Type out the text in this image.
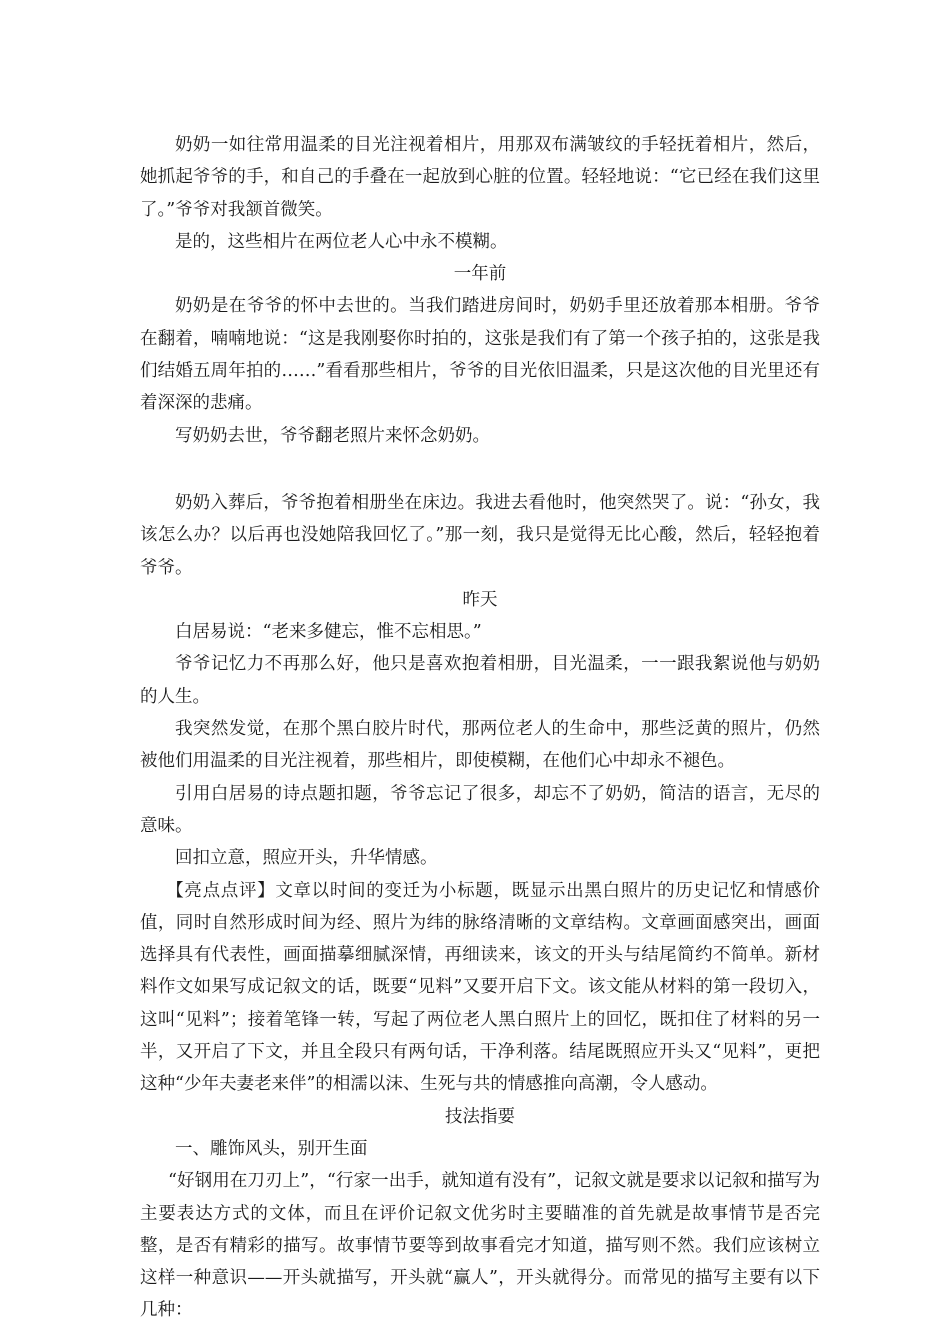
奶奶一如往常用温柔的目光注视着相片，用那双布满皱纹的手轻抚着相片，然后，她抓起爷爷的手，和自己的手叠在一起放到心脏的位置。轻轻地说：“它已经在我们这里了。”爷爷对我颔首微笑。

是的，这些相片在两位老人心中永不模糊。

一年前

奶奶是在爷爷的怀中去世的。当我们踏进房间时，奶奶手里还放着那本相册。爷爷在翻着，喃喃地说：“这是我刚娶你时拍的，这张是我们有了第一个孩子拍的，这张是我们结婚五周年拍的……”看看那些相片，爷爷的目光依旧温柔，只是这次他的目光里还有着深深的悲痛。

写奶奶去世，爷爷翻老照片来怀念奶奶。

奶奶入葬后，爷爷抱着相册坐在床边。我进去看他时，他突然哭了。说：“孙女，我该怎么办？以后再也没她陪我回忆了。”那一刻，我只是觉得无比心酸，然后，轻轻抱着爷爷。

昨天

白居易说：“老来多健忘，惟不忘相思。”

爷爷记忆力不再那么好，他只是喜欢抱着相册，目光温柔，一一跟我絮说他与奶奶的人生。

我突然发觉，在那个黑白胶片时代，那两位老人的生命中，那些泛黄的照片，仍然被他们用温柔的目光注视着，那些相片，即使模糊，在他们心中却永不褪色。

引用白居易的诗点题扣题，爷爷忘记了很多，却忘不了奶奶，简洁的语言，无尽的意味。

回扣立意，照应开头，升华情感。

【亮点点评】文章以时间的变迁为小标题，既显示出黑白照片的历史记忆和情感价值，同时自然形成时间为经、照片为纬的脉络清晰的文章结构。文章画面感突出，画面选择具有代表性，画面描摹细腻深情，再细读来，该文的开头与结尾简约不简单。新材料作文如果写成记叙文的话，既要“见料”又要开启下文。该文能从材料的第一段切入，这叫“见料”；接着笔锋一转，写起了两位老人黑白照片上的回忆，既扣住了材料的另一半，又开启了下文，并且全段只有两句话，干净利落。结尾既照应开头又“见料”，更把这种“少年夫妻老来伴”的相濡以沫、生死与共的情感推向高潮，令人感动。

技法指要

一、雕饰风头，别开生面

“好钢用在刀刃上”，“行家一出手，就知道有没有”，记叙文就是要求以记叙和描写为主要表达方式的文体，而且在评价记叙文优劣时主要瞄准的首先就是故事情节是否完整，是否有精彩的描写。故事情节要等到故事看完才知道，描写则不然。我们应该树立这样一种意识——开头就描写，开头就“赢人”，开头就得分。而常见的描写主要有以下几种：
